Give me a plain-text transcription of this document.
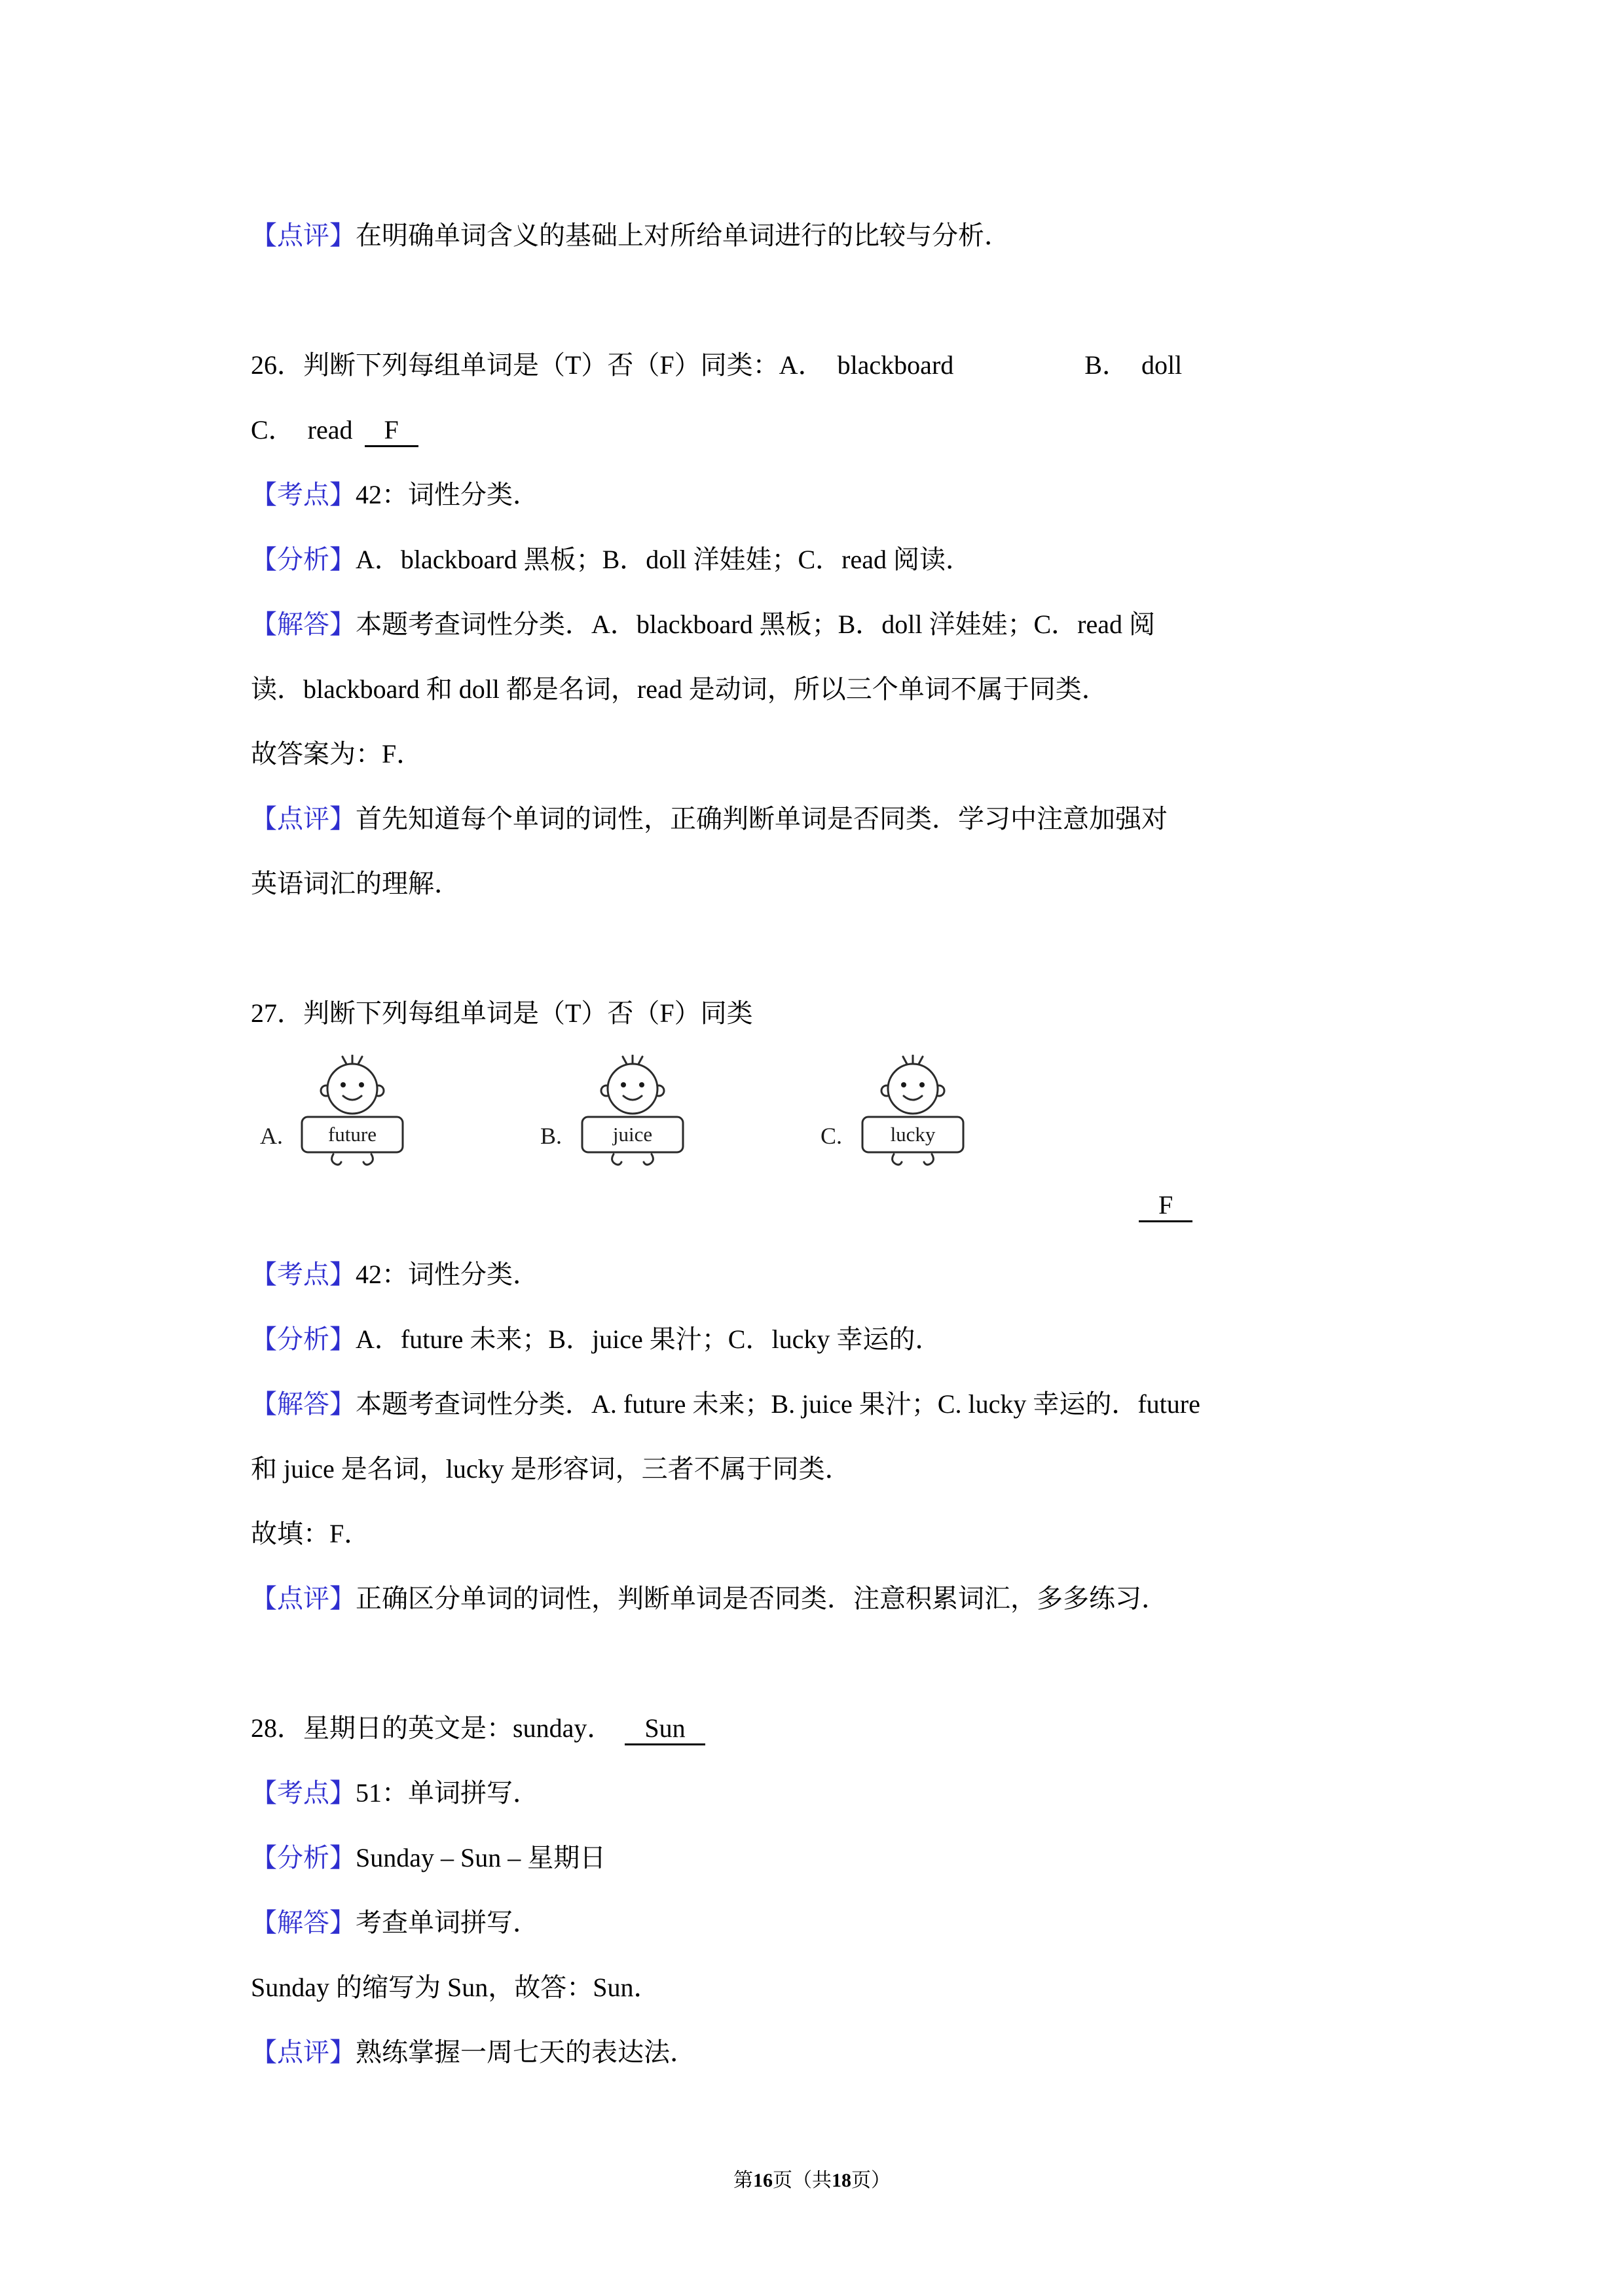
【点评】在明确单词含义的基础上对所给单词进行的比较与分析．

26．判断下列每组单词是（T）否（F）同类：A．　blackboard	B．　doll

C．　read F

【考点】42：词性分类．

【分析】A．blackboard 黑板；B．doll 洋娃娃；C．read 阅读．

【解答】本题考查词性分类．A．blackboard 黑板；B．doll 洋娃娃；C．read 阅

读．blackboard 和 doll 都是名词，read 是动词，所以三个单词不属于同类．

故答案为：F．

【点评】首先知道每个单词的词性，正确判断单词是否同类．学习中注意加强对

英语词汇的理解．

27．判断下列每组单词是（T）否（F）同类

A. future	B.	juice	C. lucky
F

【考点】42：词性分类．

【分析】A．future 未来；B．juice 果汁；C．lucky 幸运的．

【解答】本题考查词性分类．A. future 未来；B. juice 果汁；C. lucky 幸运的．future

和 juice 是名词，lucky 是形容词，三者不属于同类．

故填：F．

【点评】正确区分单词的词性，判断单词是否同类．注意积累词汇，多多练习．

28．星期日的英文是：sunday． Sun

【考点】51：单词拼写．

【分析】Sunday – Sun – 星期日

【解答】考查单词拼写．

Sunday 的缩写为 Sun，故答：Sun．

【点评】熟练掌握一周七天的表达法．

第16页（共18页）
